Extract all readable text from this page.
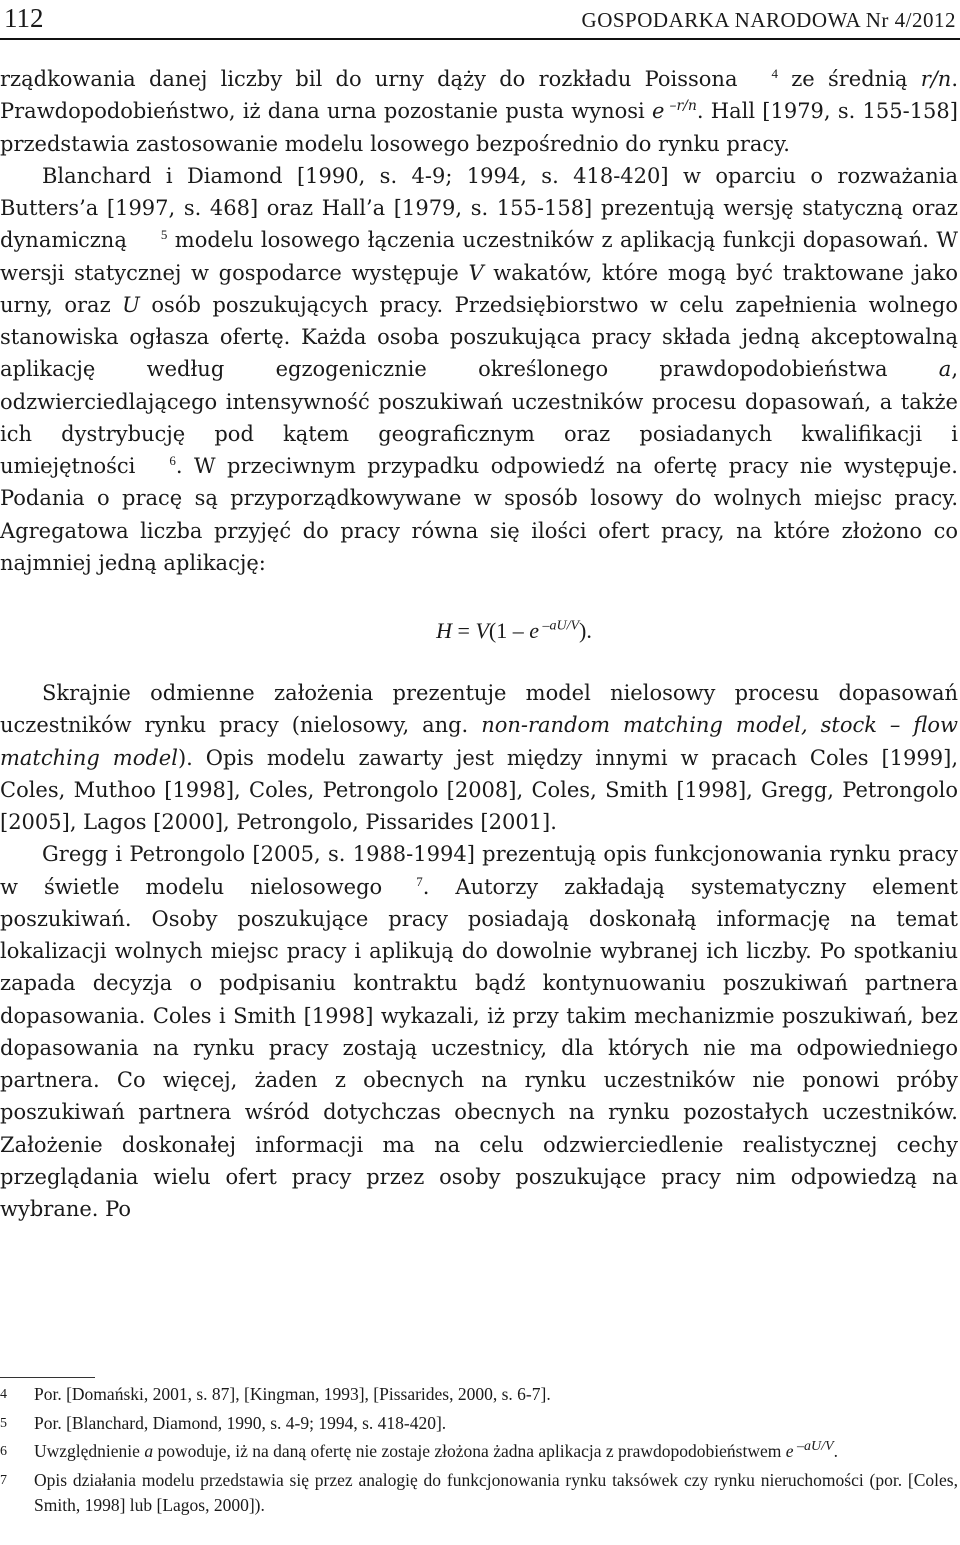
112	GOSPODARKA NARODOWA Nr 4/2012

rządkowania danej liczby bil do urny dąży do rozkładu Poissona	$^4$ ze średnią r/n. Prawdopodobieństwo, iż dana urna pozostanie pusta wynosi e $^{-r/n}$. Hall [1979, s. 155-158] przedstawia zastosowanie modelu losowego bezpośrednio do rynku pracy.

Blanchard i Diamond [1990, s. 4-9; 1994, s. 418-420] w oparciu o rozważania Butters’a [1997, s. 468] oraz Hall’a [1979, s. 155-158] prezentują wersję statyczną oraz dynamiczną	$^5$ modelu losowego łączenia uczestników z aplikacją funkcji dopasowań. W wersji statycznej w gospodarce występuje V wakatów, które mogą być traktowane jako urny, oraz U osób poszukujących pracy. Przedsiębiorstwo w celu zapełnienia wolnego stanowiska ogłasza ofertę. Każda osoba poszukująca pracy składa jedną akceptowalną aplikację według egzogenicznie określonego prawdopodobieństwa a, odzwierciedlającego intensywność poszukiwań uczestników procesu dopasowań, a także ich dystrybucję pod kątem geograficznym oraz posiadanych kwalifikacji i umiejętności	$^6$. W przeciwnym przypadku odpowiedź na ofertę pracy nie występuje. Podania o pracę są przyporządkowywane w sposób losowy do wolnych miejsc pracy. Agregatowa liczba przyjęć do pracy równa się ilości ofert pracy, na które złożono co najmniej jedną aplikację:

H = V(1 – e $^{-aU/V}$).

Skrajnie odmienne założenia prezentuje model nielosowy procesu dopasowań uczestników rynku pracy (nielosowy, ang. non-random matching model, stock – flow matching model). Opis modelu zawarty jest między innymi w pracach Coles [1999], Coles, Muthoo [1998], Coles, Petrongolo [2008], Coles, Smith [1998], Gregg, Petrongolo [2005], Lagos [2000], Petrongolo, Pissarides [2001].

Gregg i Petrongolo [2005, s. 1988-1994] prezentują opis funkcjonowania rynku pracy w świetle modelu nielosowego	$^7$. Autorzy zakładają systematyczny element poszukiwań. Osoby poszukujące pracy posiadają doskonałą informację na temat lokalizacji wolnych miejsc pracy i aplikują do dowolnie wybranej ich liczby. Po spotkaniu zapada decyzja o podpisaniu kontraktu bądź kontynuowaniu poszukiwań partnera dopasowania. Coles i Smith [1998] wykazali, iż przy takim mechanizmie poszukiwań, bez dopasowania na rynku pracy zostają uczestnicy, dla których nie ma odpowiedniego partnera. Co więcej, żaden z obecnych na rynku uczestników nie ponowi próby poszukiwań partnera wśród dotychczas obecnych na rynku pozostałych uczestników. Założenie doskonałej informacji ma na celu odzwierciedlenie realistycznej cechy przeglądania wielu ofert pracy przez osoby poszukujące pracy nim odpowiedzą na wybrane. Po

4 Por. [Domański, 2001, s. 87], [Kingman, 1993], [Pissarides, 2000, s. 6-7].
5 Por. [Blanchard, Diamond, 1990, s. 4-9; 1994, s. 418-420].
6 Uwzględnienie a powoduje, iż na daną ofertę nie zostaje złożona żadna aplikacja z prawdopodobieństwem e $^{-aU/V}$.
7 Opis działania modelu przedstawia się przez analogię do funkcjonowania rynku taksówek czy rynku nieruchomości (por. [Coles, Smith, 1998] lub [Lagos, 2000]).
